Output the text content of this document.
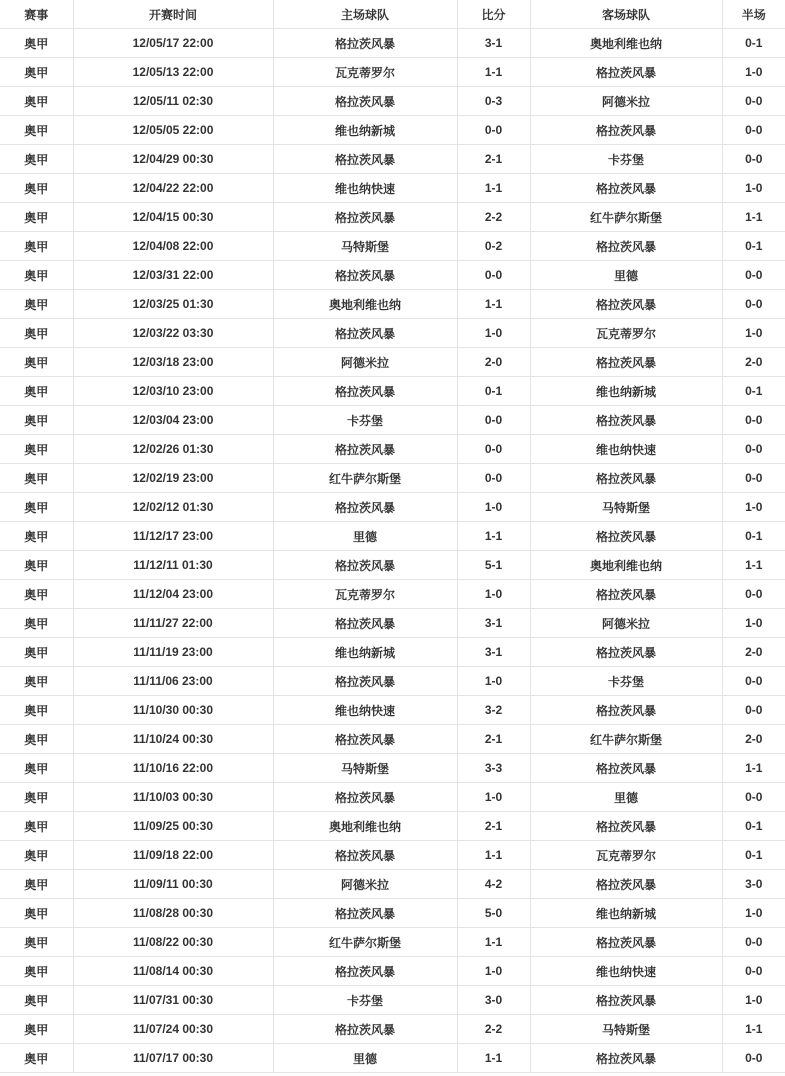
赛事	开赛时间	主场球队	比分	客场球队	半场
奥甲	12/05/17 22:00	格拉茨风暴	3-1	奥地利维也纳	0-1
奥甲	12/05/13 22:00	瓦克蒂罗尔	1-1	格拉茨风暴	1-0
奥甲	12/05/11 02:30	格拉茨风暴	0-3	阿德米拉	0-0
奥甲	12/05/05 22:00	维也纳新城	0-0	格拉茨风暴	0-0
奥甲	12/04/29 00:30	格拉茨风暴	2-1	卡芬堡	0-0
奥甲	12/04/22 22:00	维也纳快速	1-1	格拉茨风暴	1-0
奥甲	12/04/15 00:30	格拉茨风暴	2-2	红牛萨尔斯堡	1-1
奥甲	12/04/08 22:00	马特斯堡	0-2	格拉茨风暴	0-1
奥甲	12/03/31 22:00	格拉茨风暴	0-0	里德	0-0
奥甲	12/03/25 01:30	奥地利维也纳	1-1	格拉茨风暴	0-0
奥甲	12/03/22 03:30	格拉茨风暴	1-0	瓦克蒂罗尔	1-0
奥甲	12/03/18 23:00	阿德米拉	2-0	格拉茨风暴	2-0
奥甲	12/03/10 23:00	格拉茨风暴	0-1	维也纳新城	0-1
奥甲	12/03/04 23:00	卡芬堡	0-0	格拉茨风暴	0-0
奥甲	12/02/26 01:30	格拉茨风暴	0-0	维也纳快速	0-0
奥甲	12/02/19 23:00	红牛萨尔斯堡	0-0	格拉茨风暴	0-0
奥甲	12/02/12 01:30	格拉茨风暴	1-0	马特斯堡	1-0
奥甲	11/12/17 23:00	里德	1-1	格拉茨风暴	0-1
奥甲	11/12/11 01:30	格拉茨风暴	5-1	奥地利维也纳	1-1
奥甲	11/12/04 23:00	瓦克蒂罗尔	1-0	格拉茨风暴	0-0
奥甲	11/11/27 22:00	格拉茨风暴	3-1	阿德米拉	1-0
奥甲	11/11/19 23:00	维也纳新城	3-1	格拉茨风暴	2-0
奥甲	11/11/06 23:00	格拉茨风暴	1-0	卡芬堡	0-0
奥甲	11/10/30 00:30	维也纳快速	3-2	格拉茨风暴	0-0
奥甲	11/10/24 00:30	格拉茨风暴	2-1	红牛萨尔斯堡	2-0
奥甲	11/10/16 22:00	马特斯堡	3-3	格拉茨风暴	1-1
奥甲	11/10/03 00:30	格拉茨风暴	1-0	里德	0-0
奥甲	11/09/25 00:30	奥地利维也纳	2-1	格拉茨风暴	0-1
奥甲	11/09/18 22:00	格拉茨风暴	1-1	瓦克蒂罗尔	0-1
奥甲	11/09/11 00:30	阿德米拉	4-2	格拉茨风暴	3-0
奥甲	11/08/28 00:30	格拉茨风暴	5-0	维也纳新城	1-0
奥甲	11/08/22 00:30	红牛萨尔斯堡	1-1	格拉茨风暴	0-0
奥甲	11/08/14 00:30	格拉茨风暴	1-0	维也纳快速	0-0
奥甲	11/07/31 00:30	卡芬堡	3-0	格拉茨风暴	1-0
奥甲	11/07/24 00:30	格拉茨风暴	2-2	马特斯堡	1-1
奥甲	11/07/17 00:30	里德	1-1	格拉茨风暴	0-0
